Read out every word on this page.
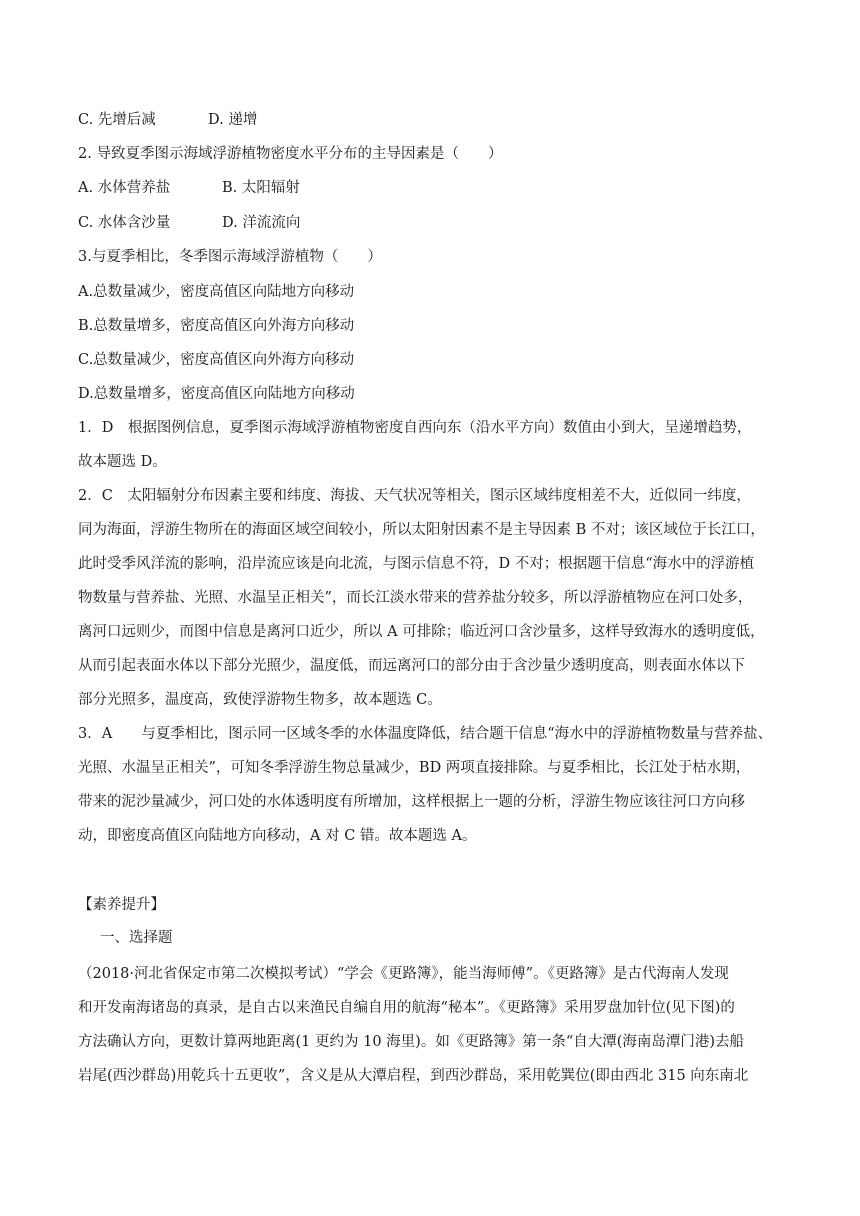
C. 先增后减	D. 递增
2. 导致夏季图示海域浮游植物密度水平分布的主导因素是（　　）
A. 水体营养盐	B. 太阳辐射
C. 水体含沙量	D. 洋流流向
3.与夏季相比，冬季图示海域浮游植物（　　）
A.总数量减少，密度高值区向陆地方向移动
B.总数量增多，密度高值区向外海方向移动
C.总数量减少，密度高值区向外海方向移动
D.总数量增多，密度高值区向陆地方向移动
1．D　根据图例信息，夏季图示海域浮游植物密度自西向东（沿水平方向）数值由小到大，呈递增趋势，
故本题选 D。
2．C　太阳辐射分布因素主要和纬度、海拔、天气状况等相关，图示区域纬度相差不大，近似同一纬度，
同为海面，浮游生物所在的海面区域空间较小，所以太阳射因素不是主导因素 B 不对；该区域位于长江口，
此时受季风洋流的影响，沿岸流应该是向北流，与图示信息不符，D 不对；根据题干信息“海水中的浮游植
物数量与营养盐、光照、水温呈正相关”，而长江淡水带来的营养盐分较多，所以浮游植物应在河口处多，
离河口远则少，而图中信息是离河口近少，所以 A 可排除；临近河口含沙量多，这样导致海水的透明度低，
从而引起表面水体以下部分光照少，温度低，而远离河口的部分由于含沙量少透明度高，则表面水体以下
部分光照多，温度高，致使浮游物生物多，故本题选 C。
3．A　　与夏季相比，图示同一区域冬季的水体温度降低，结合题干信息“海水中的浮游植物数量与营养盐、
光照、水温呈正相关”，可知冬季浮游生物总量减少，BD 两项直接排除。与夏季相比，长江处于枯水期，
带来的泥沙量减少，河口处的水体透明度有所增加，这样根据上一题的分析，浮游生物应该往河口方向移
动，即密度高值区向陆地方向移动，A 对 C 错。故本题选 A。
【素养提升】
一、选择题
（2018·河北省保定市第二次模拟考试）“学会《更路簿》，能当海师傅”。《更路簿》是古代海南人发现
和开发南海诸岛的真录，是自古以来渔民自编自用的航海“秘本”。《更路簿》采用罗盘加针位(见下图)的
方法确认方向，更数计算两地距离(1 更约为 10 海里)。如《更路簿》第一条“自大潭(海南岛潭门港)去船
岩尾(西沙群岛)用乾兵十五更收”，含义是从大潭启程，到西沙群岛，采用乾巽位(即由西北 315 向东南北
